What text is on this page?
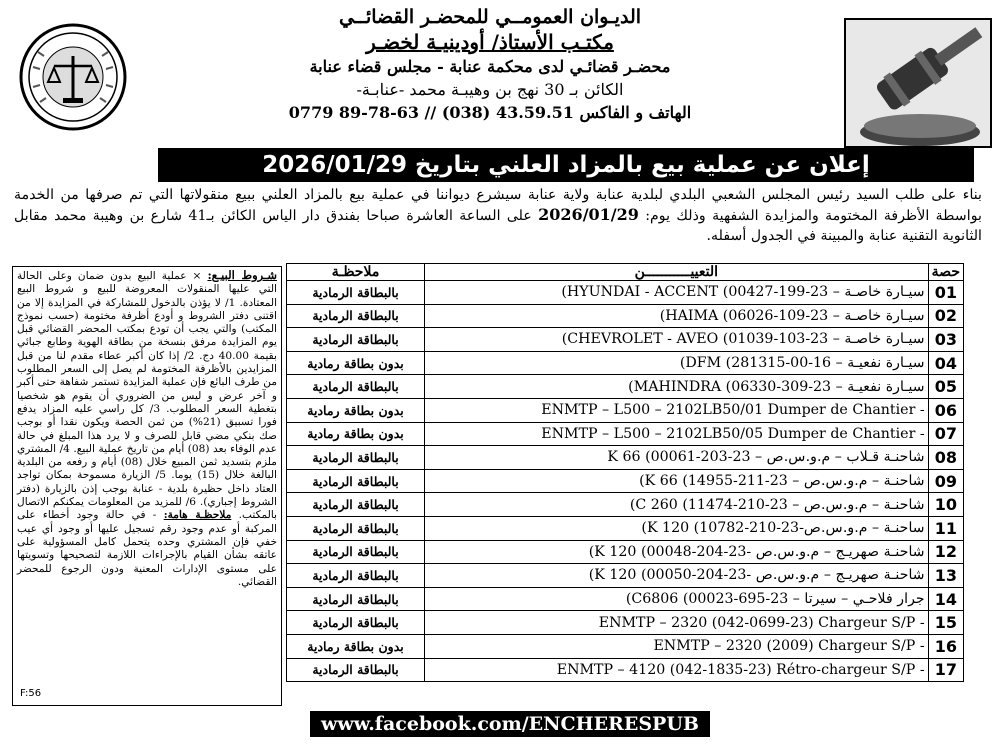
الديـوان العمومــي للمحضـر القضائــي
مكتـب الأستاذ/ أودينيـة لخضـر
محضـر قضائـي لدى محكمة عنابة - مجلس قضاء عنابة
الكائن بـ 30 نهج بن وهيبـة محمد -عنابـة-
الهاتف و الفاكس 43.59.51 (038) // 63-78-89 0779
إعلان عن عملية بيع بالمزاد العلني بتاريخ 2026/01/29
بناء على طلب السيد رئيس المجلس الشعبي البلدي لبلدية عنابة ولاية عنابة سيشرع ديواننا في عملية بيع بالمزاد العلني ببيع منقولاتها التي تم صرفها من الخدمة بواسطة الأظرفة المختومة والمزايدة الشفهية وذلك يوم: 2026/01/29 على الساعة العاشرة صباحا بفندق دار الياس الكائن بـ41 شارع بن وهيبة محمد مقابل الثانوية التقنية عنابة والمبينة في الجدول أسفله.
ملاحظـة	التعييـــــــــــن	حصة
بالبطاقة الرمادية	سيـارة خاصـة – 23-199-00427) HYUNDAI - ACCENT)	01
بالبطاقة الرمادية	سيـارة خاصـة – 23-109-06026) HAIMA)	02
بالبطاقة الرمادية	سيـارة خاصـة – 23-103-01039) CHEVROLET - AVEO)	03
بدون بطاقة رمادية	سيـارة نفعيـة – 16-00-281315) DFM)	04
بالبطاقة الرمادية	سيـارة نفعيـة – 23-309-06330) MAHINDRA)	05
بدون بطاقة رمادية	- ENMTP – L500 – 2102LB50/01 Dumper de Chantier	06
بدون بطاقة رمادية	- ENMTP – L500 – 2102LB50/05 Dumper de Chantier	07
بالبطاقة الرمادية	شاحنـة قـلاب – م.و.س.ص – 23-203-00061) K 66	08
بالبطاقة الرمادية	شاحنـة – م.و.س.ص – 23-211-14955) K 66)	09
بالبطاقة الرمادية	شاحنـة – م.و.س.ص – 23-210-11474) C 260)	10
بالبطاقة الرمادية	ساحنـة – م.و.س.ص-23-210-10782) K 120)	11
بالبطاقة الرمادية	شاحنـة صهريـج – م.و.س.ص -23-204-00048) K 120)	12
بالبطاقة الرمادية	شاحنـة صهريـج – م.و.س.ص -23-204-00050) K 120)	13
بالبطاقة الرمادية	جرار فلاحـي – سيرتا – 23-695-00023) C6806)	14
بالبطاقة الرمادية	- ENMTP – 2320 (042-0699-23) Chargeur S/P	15
بدون بطاقة رمادية	- ENMTP – 2320 (2009) Chargeur S/P	16
بالبطاقة الرمادية	- ENMTP – 4120 (042-1835-23) Rétro-chargeur S/P	17
شـروط البيـع: × عملية البيع بدون ضمان وعلى الحالة التي عليها المنقولات المعروضة للبيع و شروط البيع المعتادة. 1/ لا يؤذن بالدخول للمشاركة في المزايدة إلا من اقتنى دفتر الشروط و أودع أظرفة مختومة (حسب نموذج المكتب) والتي يجب أن تودع بمكتب المحضر القضائي قبل يوم المزايدة مرفق بنسخة من بطاقة الهوية وطابع جبائي بقيمة 40.00 دج. 2/ إذا كان أكبر عطاء مقدم لنا من قبل المزايدين بالأظرفة المختومة لم يصل إلى السعر المطلوب من طرف البائع فإن عملية المزايدة تستمر شفاهة حتى أكبر و آخر عرض و ليس من الضروري أن يقوم هو شخصيا بتغطية السعر المطلوب. 3/ كل راسي عليه المزاد يدفع فورا تسبيق (21%) من ثمن الحصة ويكون نقدا أو بوجب صك بنكي مضي قابل للصرف و لا يرد هذا المبلغ في حالة عدم الوفاء بعد (08) أيام من تاريخ عملية البيع. 4/ المشتري ملزم بتسديد ثمن المبيع خلال (08) أيام و رفعه من البلدية البالغة خلال (15) يوما. 5/ الزيارة مسموحة بمكان تواجد العتاد داخل حظيرة بلدية - عنابة بوجب إذن بالزيارة (دفتر الشروط إجباري). 6/ للمزيد من المعلومات يمكنكم الاتصال بالمكتب. ملاحظـة هامة: - في حالة وجود أخطاء على المركبة أو عدم وجود رقم تسجيل عليها أو وجود أي عيب خفي فإن المشتري وحده يتحمل كامل المسؤولية على عاتقه بشأن القيام بالإجراءات اللازمة لتصحيحها وتسويتها على مستوى الإدارات المعنية ودون الرجوع للمحضر القضائي.
F:56
www.facebook.com/ENCHERESPUB
